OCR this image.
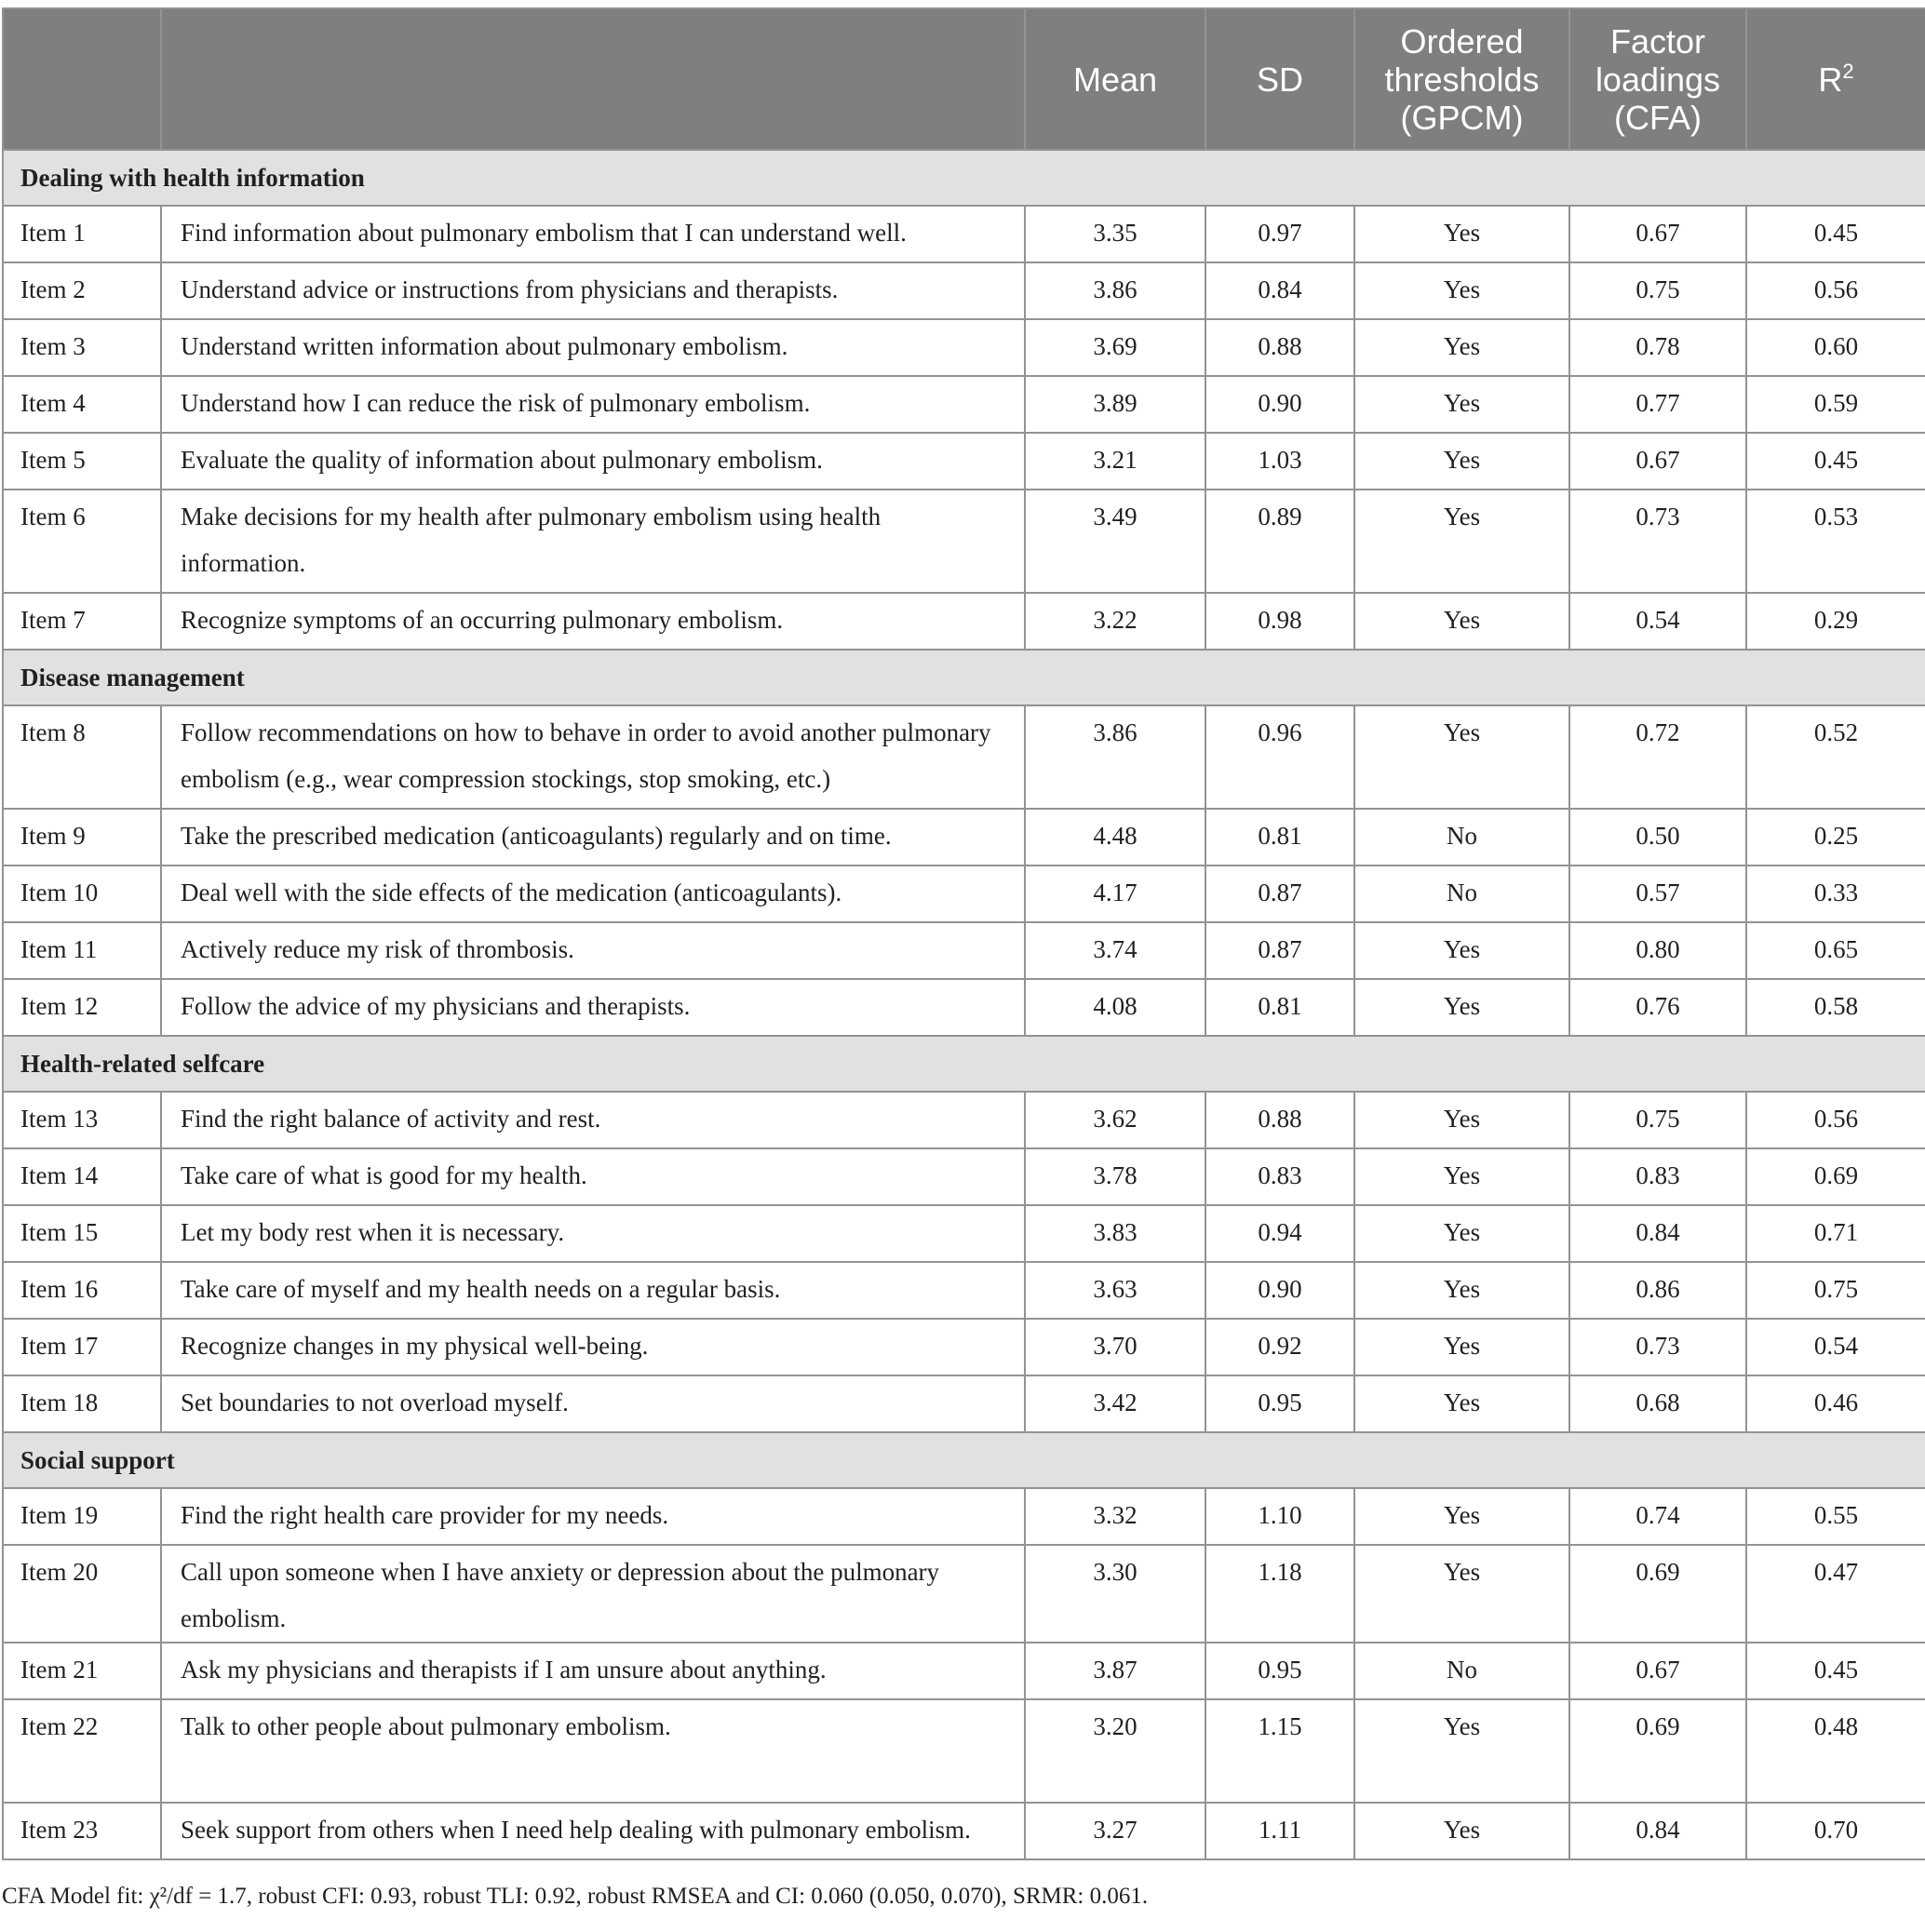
		Mean	SD	Ordered thresholds (GPCM)	Factor loadings (CFA)	$R^2$
Dealing with health information						

Item 1	Find information about pulmonary embolism that I can understand well.	3.35	0.97	Yes	0.67	0.45

Item 2	Understand advice or instructions from physicians and therapists.	3.86	0.84	Yes	0.75	0.56

Item 3	Understand written information about pulmonary embolism.	3.69	0.88	Yes	0.78	0.60

Item 4	Understand how I can reduce the risk of pulmonary embolism.	3.89	0.90	Yes	0.77	0.59

Item 5	Evaluate the quality of information about pulmonary embolism.	3.21	1.03	Yes	0.67	0.45

Item 6	Make decisions for my health after pulmonary embolism using health information.	3.49	0.89	Yes	0.73	0.53

Item 7	Recognize symptoms of an occurring pulmonary embolism.	3.22	0.98	Yes	0.54	0.29

Disease management						

Item 8	Follow recommendations on how to behave in order to avoid another pulmonary embolism (e.g., wear compression stockings, stop smoking, etc.)	3.86	0.96	Yes	0.72	0.52

Item 9	Take the prescribed medication (anticoagulants) regularly and on time.	4.48	0.81	No	0.50	0.25

Item 10	Deal well with the side effects of the medication (anticoagulants).	4.17	0.87	No	0.57	0.33

Item 11	Actively reduce my risk of thrombosis.	3.74	0.87	Yes	0.80	0.65

Item 12	Follow the advice of my physicians and therapists.	4.08	0.81	Yes	0.76	0.58

Health-related selfcare						

Item 13	Find the right balance of activity and rest.	3.62	0.88	Yes	0.75	0.56

Item 14	Take care of what is good for my health.	3.78	0.83	Yes	0.83	0.69

Item 15	Let my body rest when it is necessary.	3.83	0.94	Yes	0.84	0.71

Item 16	Take care of myself and my health needs on a regular basis.	3.63	0.90	Yes	0.86	0.75

Item 17	Recognize changes in my physical well-being.	3.70	0.92	Yes	0.73	0.54

Item 18	Set boundaries to not overload myself.	3.42	0.95	Yes	0.68	0.46

Social support						

Item 19	Find the right health care provider for my needs.	3.32	1.10	Yes	0.74	0.55

Item 20	Call upon someone when I have anxiety or depression about the pulmonary embolism.	3.30	1.18	Yes	0.69	0.47

Item 21	Ask my physicians and therapists if I am unsure about anything.	3.87	0.95	No	0.67	0.45

Item 22	Talk to other people about pulmonary embolism.	3.20	1.15	Yes	0.69	0.48

Item 23	Seek support from others when I need help dealing with pulmonary embolism.	3.27	1.11	Yes	0.84	0.70
CFA Model fit: χ²/df = 1.7, robust CFI: 0.93, robust TLI: 0.92, robust RMSEA and CI: 0.060 (0.050, 0.070), SRMR: 0.061.
